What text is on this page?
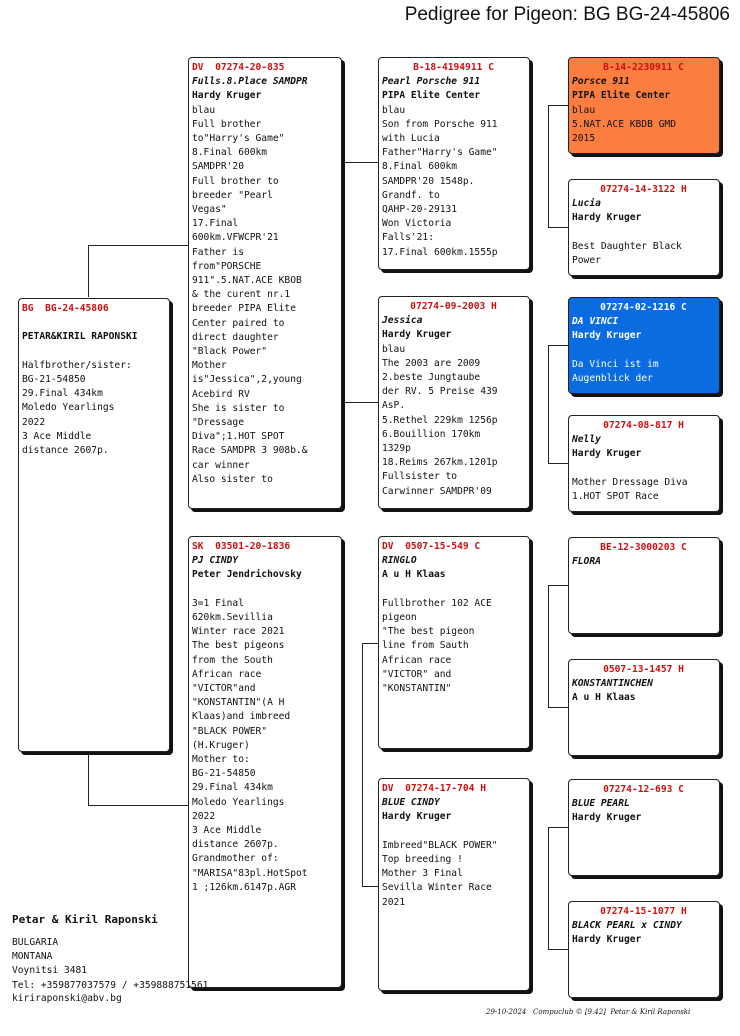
Pedigree for Pigeon: BG BG-24-45806
BG  BG-24-45806
PETAR&KIRIL RAPONSKI
Halfbrother/sister:
BG-21-54850
29.Final 434km
Moledo Yearlings
2022
3 Ace Middle
distance 2607p.
DV  07274-20-835
Fulls.8.Place SAMDPR
Hardy Kruger
blau
Full brother
to"Harry's Game"
8.Final 600km
SAMDPR'20
Full brother to
breeder "Pearl
Vegas"
17.Final
600km.VFWCPR'21
Father is
from"PORSCHE
911".5.NAT.ACE KBOB
& the curent nr.1
breeder PIPA Elite
Center paired to
direct daughter
"Black Power"
Mother
is"Jessica",2,young
Acebird RV
She is sister to
"Dressage
Diva";1.HOT SPOT
Race SAMDPR 3 908b.&
car winner
Also sister to
SK  03501-20-1836
PJ CINDY
Peter Jendrichovsky
3=1 Final
620km.Sevillia
Winter race 2021
The best pigeons
from the South
African race
"VICTOR"and
"KONSTANTIN"(A H
Klaas)and imbreed
"BLACK POWER"
(H.Kruger)
Mother to:
BG-21-54850
29.Final 434km
Moledo Yearlings
2022
3 Ace Middle
distance 2607p.
Grandmother of:
"MARISA"83pl.HotSpot
1 ;126km.6147p.AGR
B-18-4194911 C
Pearl Porsche 911
PIPA Elite Center
blau
Son from Porsche 911
with Lucia
Father"Harry's Game"
8.Final 600km
SAMDPR'20 1548p.
Grandf. to
QAHP-20-29131
Won Victoria
Falls'21:
17.Final 600km.1555p
07274-09-2003 H
Jessica
Hardy Kruger
blau
The 2003 are 2009
2.beste Jungtaube
der RV. 5 Preise 439
AsP.
5.Rethel 229km 1256p
6.Bouillion 170km
1329p
18.Reims 267km.1201p
Fullsister to
Carwinner SAMDPR'09
DV  0507-15-549 C
RINGLO
A u H Klaas
Fullbrother 102 ACE
pigeon
"The best pigeon
line from Sauth
African race
"VICTOR" and
"KONSTANTIN"
DV  07274-17-704 H
BLUE CINDY
Hardy Kruger
Imbreed"BLACK POWER"
Top breeding !
Mother 3 Final
Sevilla Winter Race
2021
B-14-2230911 C
Porsce 911
PIPA Elite Center
blau
5.NAT.ACE KBDB GMD
2015
07274-14-3122 H
Lucia
Hardy Kruger
Best Daughter Black
Power
07274-02-1216 C
DA VINCI
Hardy Kruger
Da Vinci ist im
Augenblick der
07274-08-817 H
Nelly
Hardy Kruger
Mother Dressage Diva
1.HOT SPOT Race
BE-12-3000203 C
FLORA
0507-13-1457 H
KONSTANTINCHEN
A u H Klaas
07274-12-693 C
BLUE PEARL
Hardy Kruger
07274-15-1077 H
BLACK PEARL x CINDY
Hardy Kruger
Petar & Kiril Raponski
BULGARIA
MONTANA
Voynitsi 3481
Tel: +359877037579 / +359888751561
kiriraponski@abv.bg
29-10-2024   Compuclub © [9.42]  Petar & Kiril Raponski
